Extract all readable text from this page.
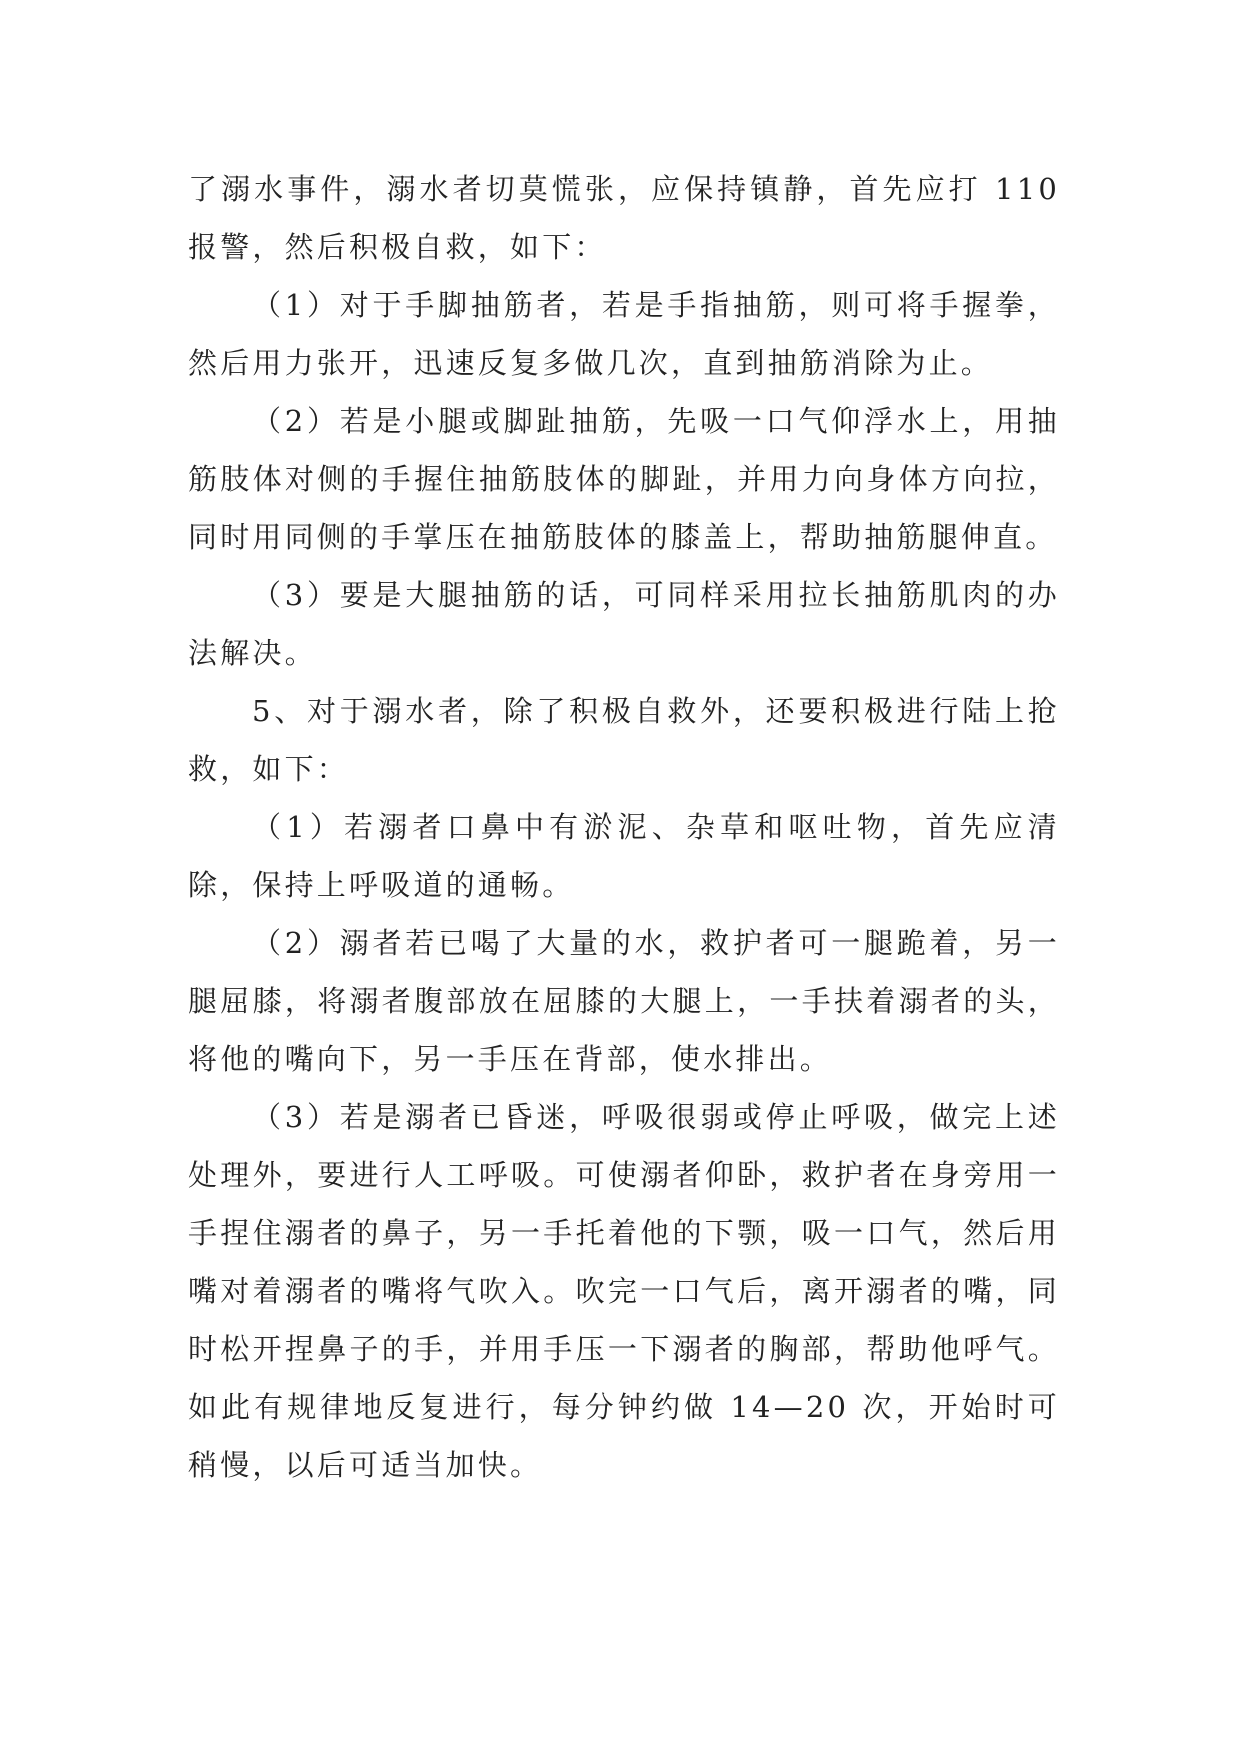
了溺水事件，溺水者切莫慌张，应保持镇静，首先应打 110 报警，然后积极自救，如下：

（1）对于手脚抽筋者，若是手指抽筋，则可将手握拳，然后用力张开，迅速反复多做几次，直到抽筋消除为止。

（2）若是小腿或脚趾抽筋，先吸一口气仰浮水上，用抽筋肢体对侧的手握住抽筋肢体的脚趾，并用力向身体方向拉，同时用同侧的手掌压在抽筋肢体的膝盖上，帮助抽筋腿伸直。

（3）要是大腿抽筋的话，可同样采用拉长抽筋肌肉的办法解决。

5、对于溺水者，除了积极自救外，还要积极进行陆上抢救，如下：

（1）若溺者口鼻中有淤泥、杂草和呕吐物，首先应清除，保持上呼吸道的通畅。

（2）溺者若已喝了大量的水，救护者可一腿跪着，另一腿屈膝，将溺者腹部放在屈膝的大腿上，一手扶着溺者的头，将他的嘴向下，另一手压在背部，使水排出。

（3）若是溺者已昏迷，呼吸很弱或停止呼吸，做完上述处理外，要进行人工呼吸。可使溺者仰卧，救护者在身旁用一手捏住溺者的鼻子，另一手托着他的下颚，吸一口气，然后用嘴对着溺者的嘴将气吹入。吹完一口气后，离开溺者的嘴，同时松开捏鼻子的手，并用手压一下溺者的胸部，帮助他呼气。如此有规律地反复进行，每分钟约做 14—20 次，开始时可稍慢，以后可适当加快。
